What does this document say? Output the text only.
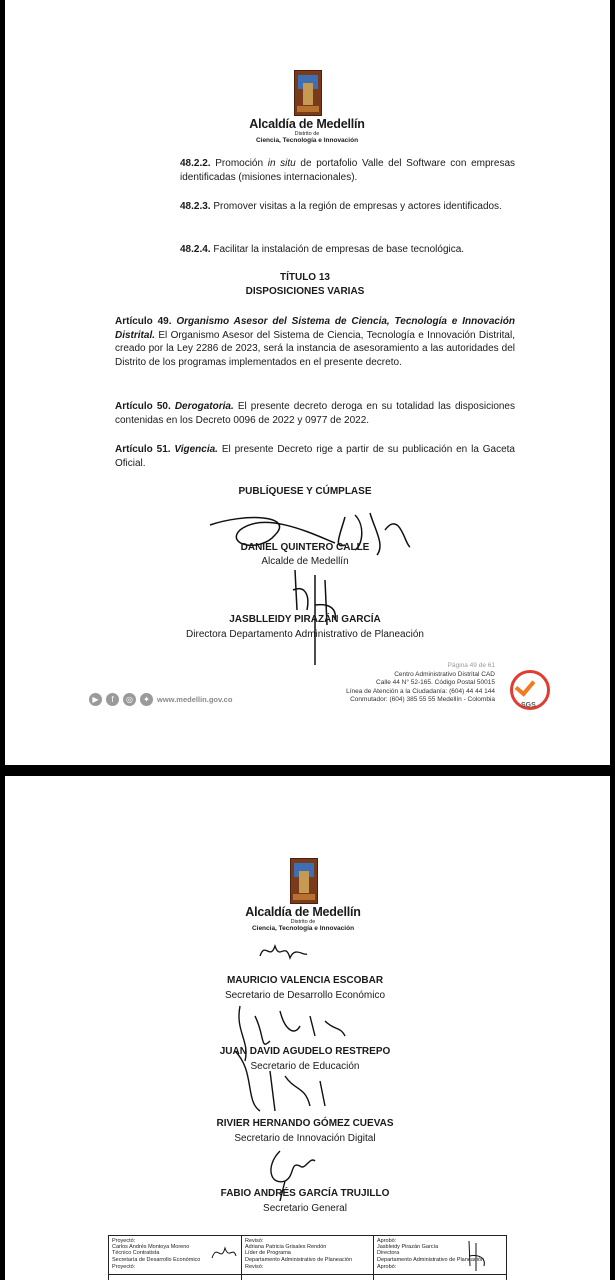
Alcaldía de Medellín
Distrito de
Ciencia, Tecnología e Innovación
48.2.2. Promoción in situ de portafolio Valle del Software con empresas identificadas (misiones internacionales).
48.2.3. Promover visitas a la región de empresas y actores identificados.
48.2.4. Facilitar la instalación de empresas de base tecnológica.
TÍTULO 13
DISPOSICIONES VARIAS
Artículo 49. Organismo Asesor del Sistema de Ciencia, Tecnología e Innovación Distrital. El Organismo Asesor del Sistema de Ciencia, Tecnología e Innovación Distrital, creado por la Ley 2286 de 2023, será la instancia de asesoramiento a las autoridades del Distrito de los programas implementados en el presente decreto.
Artículo 50. Derogatoria. El presente decreto deroga en su totalidad las disposiciones contenidas en los Decreto 0096 de 2022 y 0977 de 2022.
Artículo 51. Vigencia. El presente Decreto rige a partir de su publicación en la Gaceta Oficial.
PUBLÍQUESE Y CÚMPLASE
DANIEL QUINTERO CALLE
Alcalde de Medellín
JASBLLEIDY PIRAZÁN GARCÍA
Directora Departamento Administrativo de Planeación
Página 49 de 61
Centro Administrativo Distrital CAD
Calle 44 N° 52-165. Código Postal 50015
Línea de Atención a la Ciudadanía: (604) 44 44 144
Conmutador: (604) 385 55 55 Medellín - Colombia
▶	f	◎	✦ www.medellin.gov.co
SGS
Alcaldía de Medellín
Distrito de
Ciencia, Tecnología e Innovación
MAURICIO VALENCIA ESCOBAR
Secretario de Desarrollo Económico
JUAN DAVID AGUDELO RESTREPO
Secretario de Educación
RIVIER HERNANDO GÓMEZ CUEVAS
Secretario de Innovación Digital
FABIO ANDRÉS GARCÍA TRUJILLO
Secretario General
Proyectó:
Carlos Andrés Montoya Moreno
Técnico Contratista
Secretaría de Desarrollo Económico
Proyectó:
Revisó:
Adriana Patricia Grisales Rendón
Líder de Programa
Departamento Administrativo de Planeación
Revisó:
Aprobó:
Jasbleidy Pirazán García
Directora
Departamento Administrativo de Planeación
Aprobó:
